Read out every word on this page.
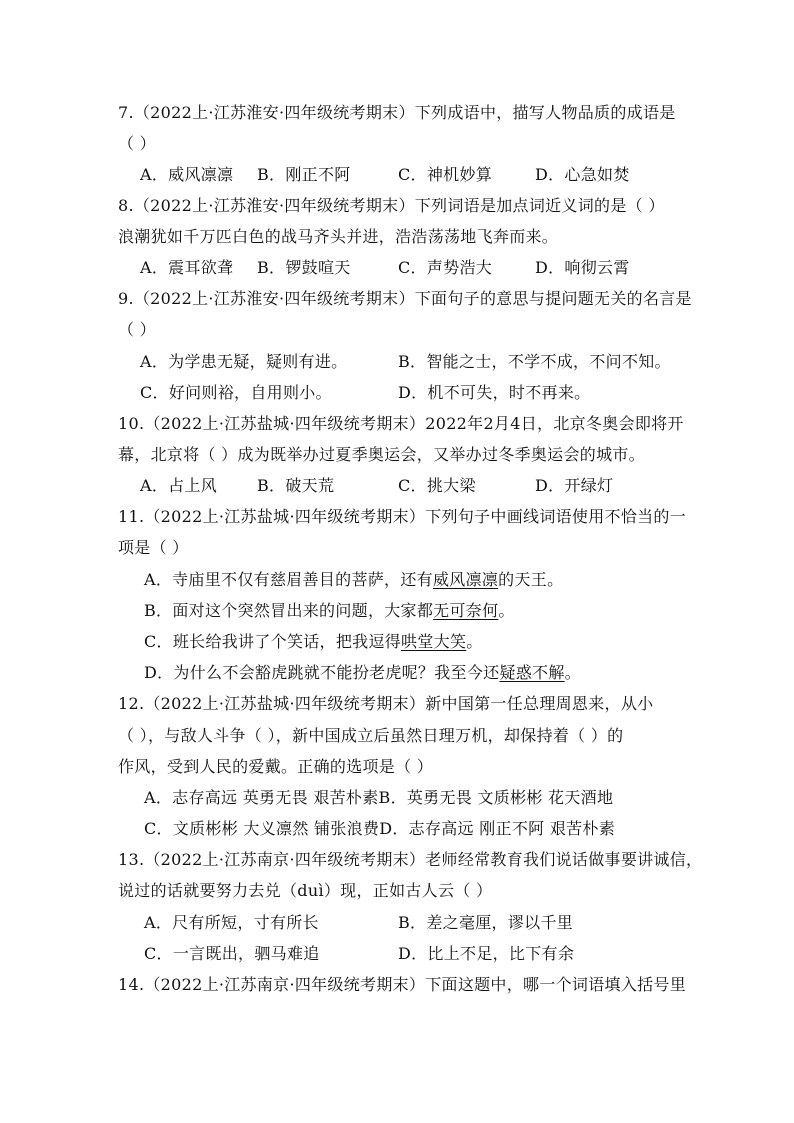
7.（2022上·江苏淮安·四年级统考期末）下列成语中，描写人物品质的成语是
（ ）
A．威风凛凛 B．刚正不阿	C．神机妙算	D．心急如焚
8.（2022上·江苏淮安·四年级统考期末）下列词语是加点词近义词的是（ ）
浪潮犹如千万匹白色的战马齐头并进，浩浩荡荡地飞奔而来。
A．震耳欲聋 B．锣鼓喧天	C．声势浩大	D．响彻云霄
9.（2022上·江苏淮安·四年级统考期末）下面句子的意思与提问题无关的名言是
（ ）
A．为学患无疑，疑则有进。	B．智能之士，不学不成，不问不知。
C．好问则裕，自用则小。	D．机不可失，时不再来。
10.（2022上·江苏盐城·四年级统考期末）2022年2月4日，北京冬奥会即将开
幕，北京将（ ）成为既举办过夏季奥运会，又举办过冬季奥运会的城市。
A．占上风 B．破天荒	C．挑大梁	D．开绿灯
11.（2022上·江苏盐城·四年级统考期末）下列句子中画线词语使用不恰当的一
项是（ ）
A．寺庙里不仅有慈眉善目的菩萨，还有威风凛凛的天王。
B．面对这个突然冒出来的问题，大家都无可奈何。
C．班长给我讲了个笑话，把我逗得哄堂大笑。
D．为什么不会豁虎跳就不能扮老虎呢？我至今还疑惑不解。
12.（2022上·江苏盐城·四年级统考期末）新中国第一任总理周恩来，从小
（ ），与敌人斗争（ ），新中国成立后虽然日理万机，却保持着（ ）的
作风，受到人民的爱戴。正确的选项是（ ）
A．志存高远 英勇无畏 艰苦朴素B．英勇无畏 文质彬彬 花天酒地
C．文质彬彬 大义凛然 铺张浪费D．志存高远 刚正不阿 艰苦朴素
13.（2022上·江苏南京·四年级统考期末）老师经常教育我们说话做事要讲诚信，
说过的话就要努力去兑（duì）现，正如古人云（ ）
A．尺有所短，寸有所长	B．差之毫厘，谬以千里
C．一言既出，驷马难追	D．比上不足，比下有余
14.（2022上·江苏南京·四年级统考期末）下面这题中，哪一个词语填入括号里
